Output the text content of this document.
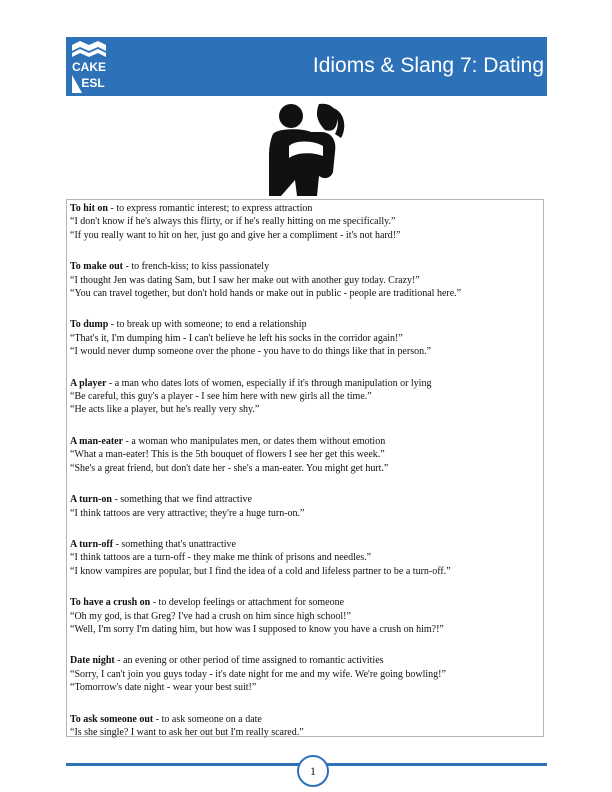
CAKE
ESL
Idioms & Slang 7: Dating
To hit on - to express romantic interest; to express attraction
“I don't know if he's always this flirty, or if he's really hitting on me specifically.”
“If you really want to hit on her, just go and give her a compliment - it's not hard!”
To make out - to french-kiss; to kiss passionately
“I thought Jen was dating Sam, but I saw her make out with another guy today. Crazy!”
“You can travel together, but don't hold hands or make out in public - people are traditional here.”
To dump - to break up with someone; to end a relationship
“That's it, I'm dumping him - I can't believe he left his socks in the corridor again!”
“I would never dump someone over the phone - you have to do things like that in person.”
A player - a man who dates lots of women, especially if it's through manipulation or lying
“Be careful, this guy's a player - I see him here with new girls all the time.”
“He acts like a player, but he's really very shy.”
A man-eater - a woman who manipulates men, or dates them without emotion
“What a man-eater! This is the 5th bouquet of flowers I see her get this week.”
“She's a great friend, but don't date her - she's a man-eater. You might get hurt.”
A turn-on - something that we find attractive
“I think tattoos are very attractive; they're a huge turn-on.”
A turn-off - something that's unattractive
“I think tattoos are a turn-off - they make me think of prisons and needles.”
“I know vampires are popular, but I find the idea of a cold and lifeless partner to be a turn-off.”
To have a crush on - to develop feelings or attachment for someone
“Oh my god, is that Greg? I've had a crush on him since high school!”
“Well, I'm sorry I'm dating him, but how was I supposed to know you have a crush on him?!”
Date night - an evening or other period of time assigned to romantic activities
“Sorry, I can't join you guys today - it's date night for me and my wife. We're going bowling!”
“Tomorrow's date night - wear your best suit!”
To ask someone out - to ask someone on a date
“Is she single? I want to ask her out but I'm really scared.”
1
